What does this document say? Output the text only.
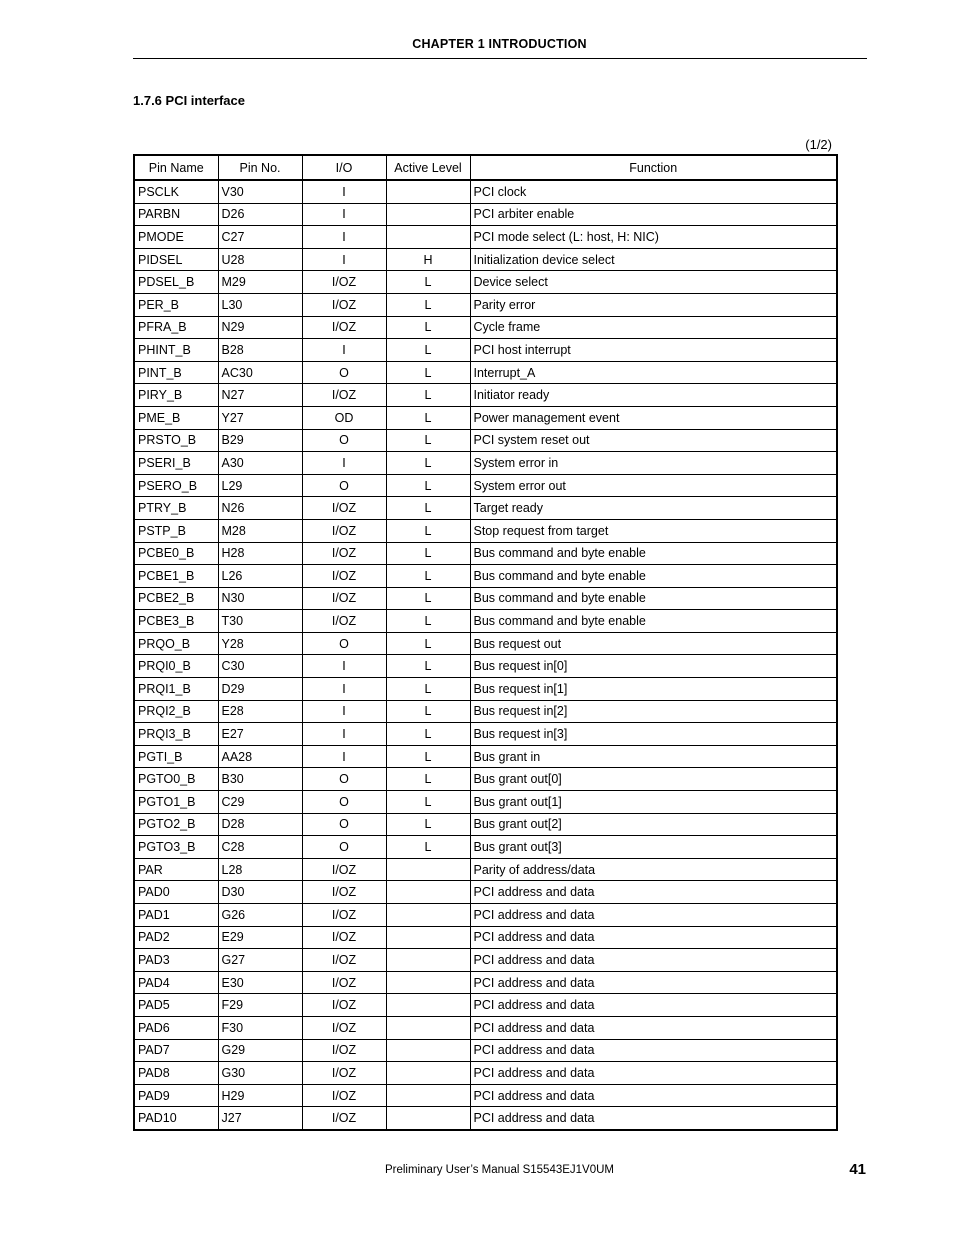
CHAPTER 1 INTRODUCTION
1.7.6 PCI interface
(1/2)
Pin Name	Pin No.	I/O	Active Level	Function
PSCLK	V30	I		PCI clock
PARBN	D26	I		PCI arbiter enable
PMODE	C27	I		PCI mode select (L: host, H: NIC)
PIDSEL	U28	I	H	Initialization device select
PDSEL_B	M29	I/OZ	L	Device select
PER_B	L30	I/OZ	L	Parity error
PFRA_B	N29	I/OZ	L	Cycle frame
PHINT_B	B28	I	L	PCI host interrupt
PINT_B	AC30	O	L	Interrupt_A
PIRY_B	N27	I/OZ	L	Initiator ready
PME_B	Y27	OD	L	Power management event
PRSTO_B	B29	O	L	PCI system reset out
PSERI_B	A30	I	L	System error in
PSERO_B	L29	O	L	System error out
PTRY_B	N26	I/OZ	L	Target ready
PSTP_B	M28	I/OZ	L	Stop request from target
PCBE0_B	H28	I/OZ	L	Bus command and byte enable
PCBE1_B	L26	I/OZ	L	Bus command and byte enable
PCBE2_B	N30	I/OZ	L	Bus command and byte enable
PCBE3_B	T30	I/OZ	L	Bus command and byte enable
PRQO_B	Y28	O	L	Bus request out
PRQI0_B	C30	I	L	Bus request in[0]
PRQI1_B	D29	I	L	Bus request in[1]
PRQI2_B	E28	I	L	Bus request in[2]
PRQI3_B	E27	I	L	Bus request in[3]
PGTI_B	AA28	I	L	Bus grant in
PGTO0_B	B30	O	L	Bus grant out[0]
PGTO1_B	C29	O	L	Bus grant out[1]
PGTO2_B	D28	O	L	Bus grant out[2]
PGTO3_B	C28	O	L	Bus grant out[3]
PAR	L28	I/OZ		Parity of address/data
PAD0	D30	I/OZ		PCI address and data
PAD1	G26	I/OZ		PCI address and data
PAD2	E29	I/OZ		PCI address and data
PAD3	G27	I/OZ		PCI address and data
PAD4	E30	I/OZ		PCI address and data
PAD5	F29	I/OZ		PCI address and data
PAD6	F30	I/OZ		PCI address and data
PAD7	G29	I/OZ		PCI address and data
PAD8	G30	I/OZ		PCI address and data
PAD9	H29	I/OZ		PCI address and data
PAD10	J27	I/OZ		PCI address and data
Preliminary User’s Manual S15543EJ1V0UM	41
